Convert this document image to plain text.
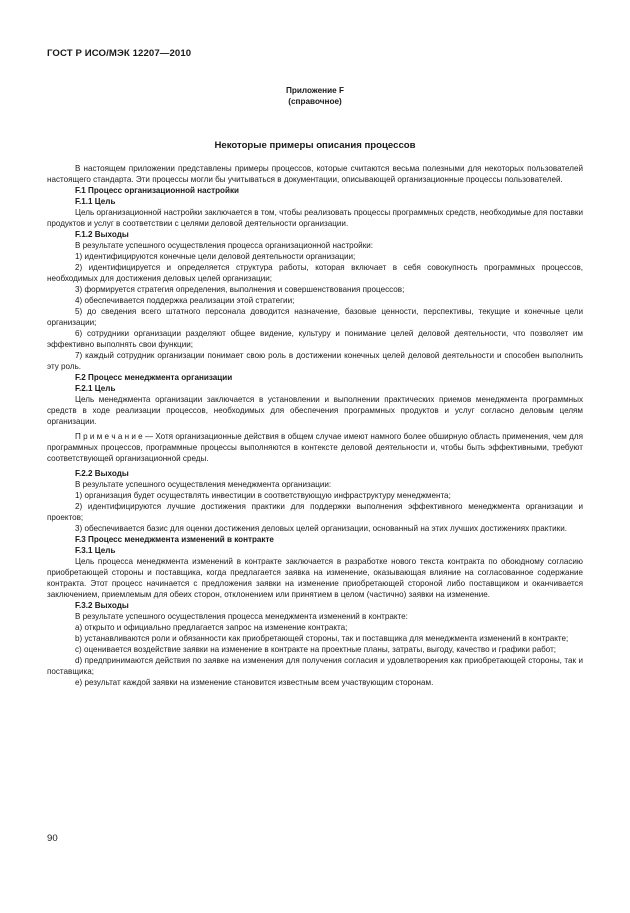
ГОСТ Р ИСО/МЭК 12207—2010
Приложение F
(справочное)
Некоторые примеры описания процессов

В настоящем приложении представлены примеры процессов, которые считаются весьма полезными для некоторых пользователей настоящего стандарта. Эти процессы могли бы учитываться в документации, описывающей организационные процессы пользователей.

F.1 Процесс организационной настройки

F.1.1 Цель

Цель организационной настройки заключается в том, чтобы реализовать процессы программных средств, необходимые для поставки продуктов и услуг в соответствии с целями деловой деятельности организации.

F.1.2 Выходы

В результате успешного осуществления процесса организационной настройки:

1) идентифицируются конечные цели деловой деятельности организации;

2) идентифицируется и определяется структура работы, которая включает в себя совокупность программных процессов, необходимых для достижения деловых целей организации;

3) формируется стратегия определения, выполнения и совершенствования процессов;

4) обеспечивается поддержка реализации этой стратегии;

5) до сведения всего штатного персонала доводится назначение, базовые ценности, перспективы, текущие и конечные цели организации;

6) сотрудники организации разделяют общее видение, культуру и понимание целей деловой деятельности, что позволяет им эффективно выполнять свои функции;

7) каждый сотрудник организации понимает свою роль в достижении конечных целей деловой деятельности и способен выполнить эту роль.

F.2 Процесс менеджмента организации

F.2.1 Цель

Цель менеджмента организации заключается в установлении и выполнении практических приемов менеджмента программных средств в ходе реализации процессов, необходимых для обеспечения программных продуктов и услуг согласно деловым целям организации.

П р и м е ч а н и е — Хотя организационные действия в общем случае имеют намного более обширную область применения, чем для программных процессов, программные процессы выполняются в контексте деловой деятельности и, чтобы быть эффективными, требуют соответствующей организационной среды.

F.2.2 Выходы

В результате успешного осуществления менеджмента организации:

1) организация будет осуществлять инвестиции в соответствующую инфраструктуру менеджмента;

2) идентифицируются лучшие достижения практики для поддержки выполнения эффективного менеджмента организации и проектов;

3) обеспечивается базис для оценки достижения деловых целей организации, основанный на этих лучших достижениях практики.

F.3 Процесс менеджмента изменений в контракте

F.3.1 Цель

Цель процесса менеджмента изменений в контракте заключается в разработке нового текста контракта по обоюдному согласию приобретающей стороны и поставщика, когда предлагается заявка на изменение, оказывающая влияние на согласованное содержание контракта. Этот процесс начинается с предложения заявки на изменение приобретающей стороной либо поставщиком и оканчивается заключением, приемлемым для обеих сторон, отклонением или принятием в целом (частично) заявки на изменение.

F.3.2 Выходы

В результате успешного осуществления процесса менеджмента изменений в контракте:

а) открыто и официально предлагается запрос на изменение контракта;

b) устанавливаются роли и обязанности как приобретающей стороны, так и поставщика для менеджмента изменений в контракте;

c) оценивается воздействие заявки на изменение в контракте на проектные планы, затраты, выгоду, качество и графики работ;

d) предпринимаются действия по заявке на изменения для получения согласия и удовлетворения как приобретающей стороны, так и поставщика;

e) результат каждой заявки на изменение становится известным всем участвующим сторонам.

90
